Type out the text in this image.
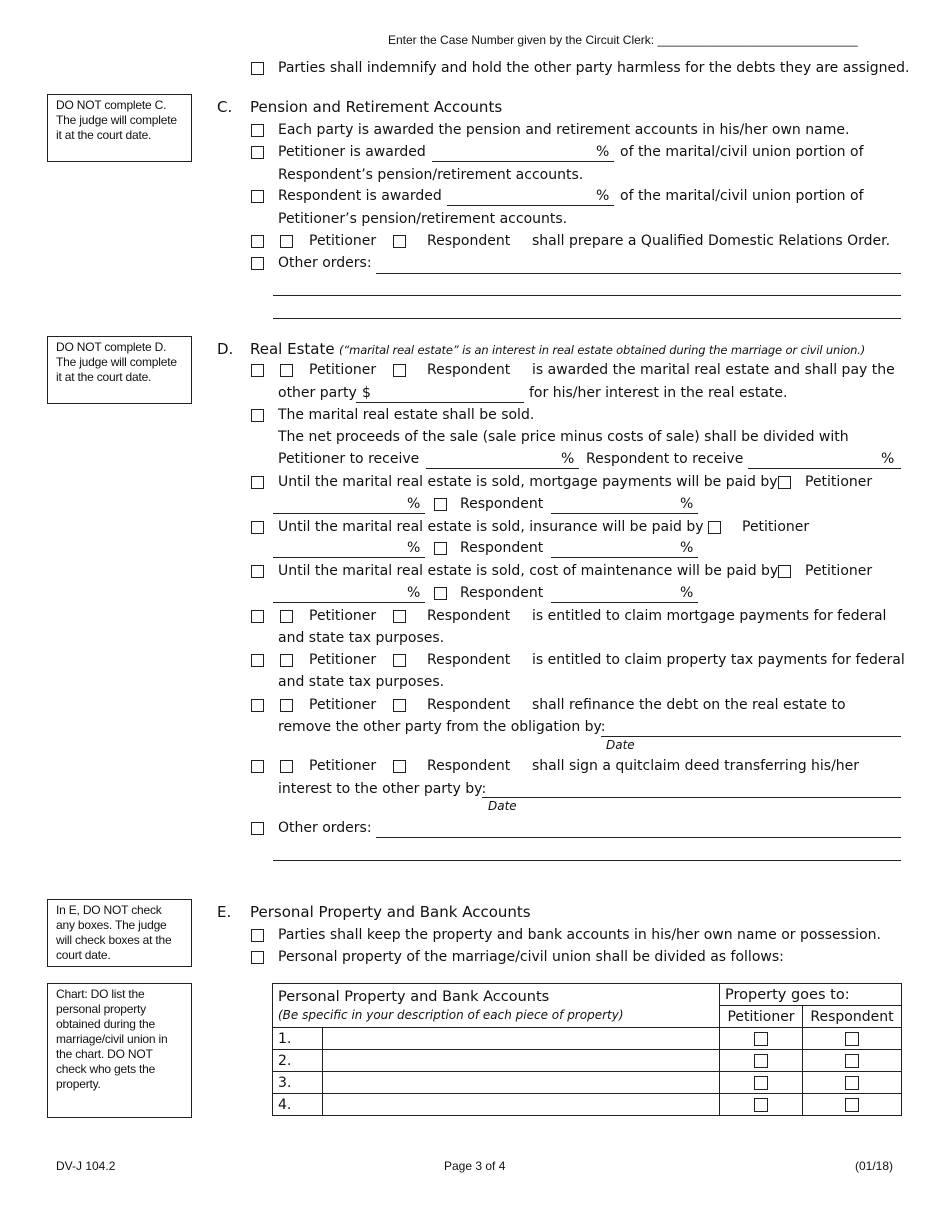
Enter the Case Number given by the Circuit Clerk: ______________________________
Parties shall indemnify and hold the other party harmless for the debts they are assigned.
DO NOT complete C. The judge will complete it at the court date.
DO NOT complete D. The judge will complete it at the court date.
In E, DO NOT check any boxes. The judge will check boxes at the court date.
Chart: DO list the personal property obtained during the marriage/civil union in the chart. DO NOT check who gets the property.
C. Pension and Retirement Accounts
Each party is awarded the pension and retirement accounts in his/her own name.
Petitioner is awarded	% of the marital/civil union portion of
Respondent’s pension/retirement accounts.
Respondent is awarded	% of the marital/civil union portion of
Petitioner’s pension/retirement accounts.
Petitioner	Respondent shall prepare a Qualified Domestic Relations Order.
Other orders:
D. Real Estate (“marital real estate” is an interest in real estate obtained during the marriage or civil union.)
Petitioner	Respondent is awarded the marital real estate and shall pay the
other party $	for his/her interest in the real estate.
The marital real estate shall be sold.
The net proceeds of the sale (sale price minus costs of sale) shall be divided with
Petitioner to receive	% Respondent to receive	%
Until the marital real estate is sold, mortgage payments will be paid by Petitioner
%	Respondent	%
Until the marital real estate is sold, insurance will be paid by	Petitioner
%	Respondent	%
Until the marital real estate is sold, cost of maintenance will be paid by Petitioner
%	Respondent	%
Petitioner	Respondent is entitled to claim mortgage payments for federal
and state tax purposes.
Petitioner	Respondent is entitled to claim property tax payments for federal
and state tax purposes.
Petitioner	Respondent shall refinance the debt on the real estate to
remove the other party from the obligation by:
Date
Petitioner	Respondent shall sign a quitclaim deed transferring his/her
interest to the other party by:
Date
Other orders:
E. Personal Property and Bank Accounts
Parties shall keep the property and bank accounts in his/her own name or possession.
Personal property of the marriage/civil union shall be divided as follows:
Personal Property and Bank Accounts
(Be specific in your description of each piece of property)		Property goes to:	
		Petitioner	Respondent
1.			
2.			
3.			
4.			
DV-J 104.2	Page 3 of 4	(01/18)
